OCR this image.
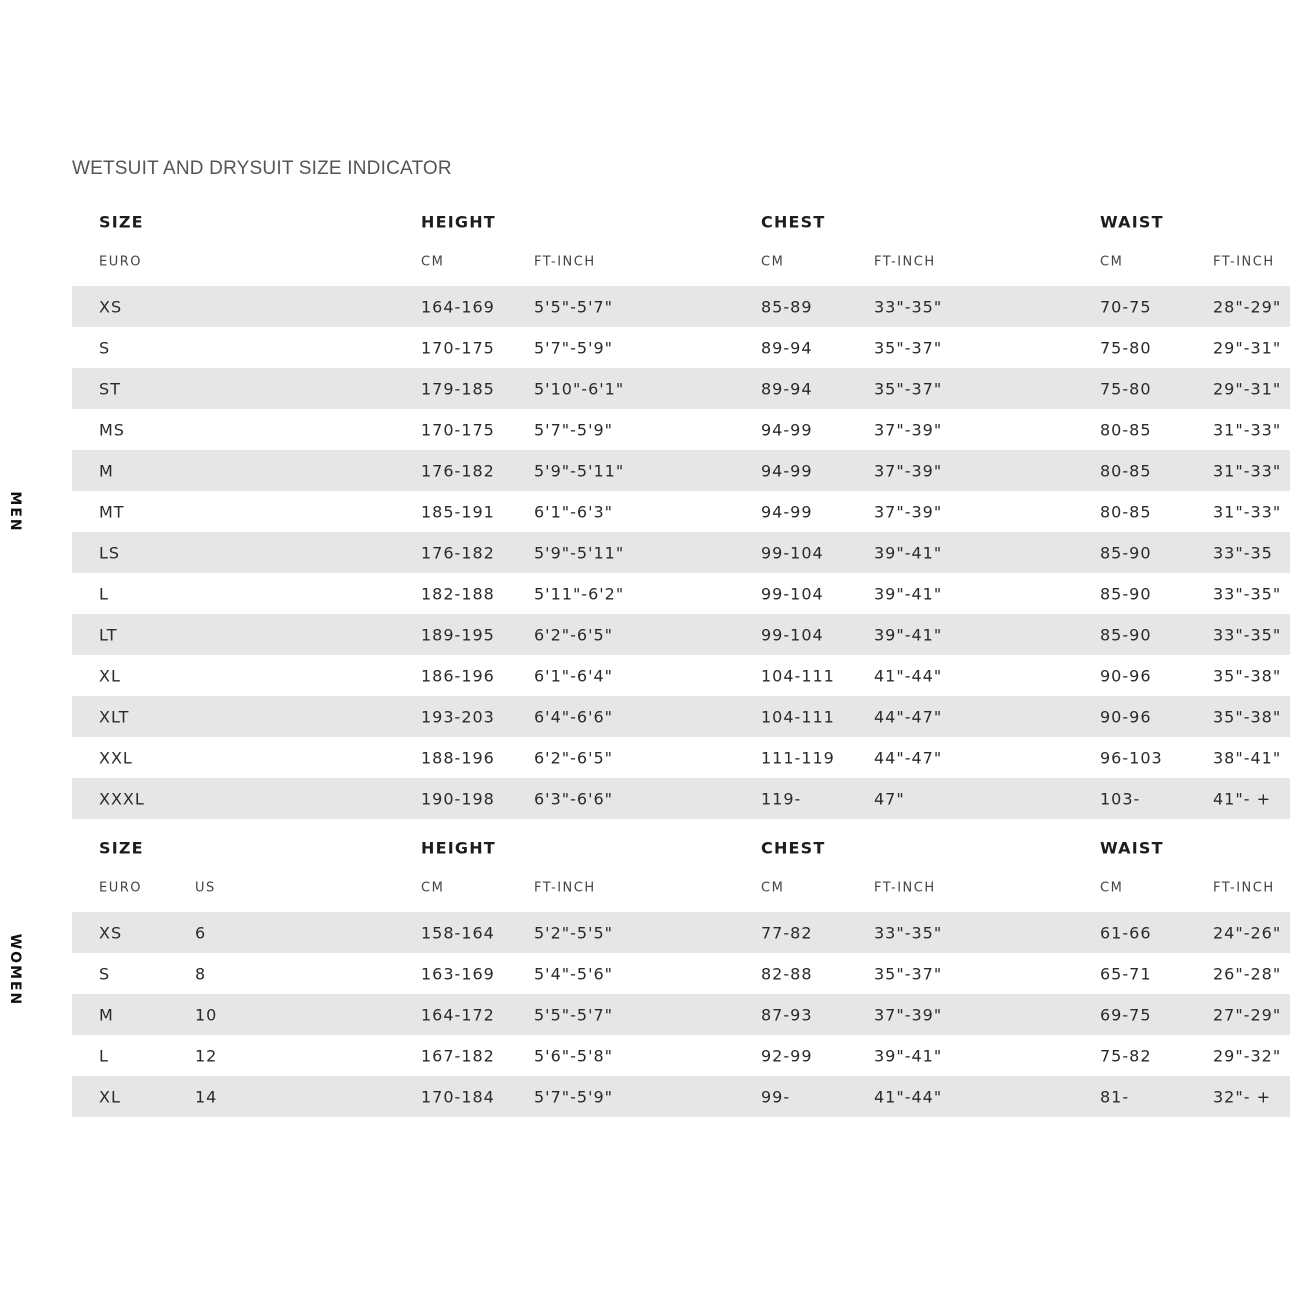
WETSUIT AND DRYSUIT SIZE INDICATOR
MEN
WOMEN
SIZE	HEIGHT	CHEST	WAIST
EURO	CM	FT-INCH	CM	FT-INCH	CM	FT-INCH
XS	164-169 5'5"-5'7"	85-89	33"-35"	70-75	28"-29"
S	170-175 5'7"-5'9"	89-94	35"-37"	75-80	29"-31"
ST	179-185 5'10"-6'1"	89-94	35"-37"	75-80	29"-31"
MS	170-175 5'7"-5'9"	94-99	37"-39"	80-85	31"-33"
M	176-182 5'9"-5'11"	94-99	37"-39"	80-85	31"-33"
MT	185-191 6'1"-6'3"	94-99	37"-39"	80-85	31"-33"
LS	176-182 5'9"-5'11"	99-104	39"-41"	85-90	33"-35
L	182-188 5'11"-6'2"	99-104	39"-41"	85-90	33"-35"
LT	189-195 6'2"-6'5"	99-104	39"-41"	85-90	33"-35"
XL	186-196 6'1"-6'4"	104-111 41"-44"	90-96	35"-38"
XLT	193-203 6'4"-6'6"	104-111 44"-47"	90-96	35"-38"
XXL	188-196 6'2"-6'5"	111-119 44"-47"	96-103	38"-41"
XXXL	190-198 6'3"-6'6"	119-	47"	103-	41"- +
SIZE	HEIGHT	CHEST	WAIST
EURO	US	CM	FT-INCH	CM	FT-INCH	CM	FT-INCH
XS	6	158-164 5'2"-5'5"	77-82	33"-35"	61-66	24"-26"
S	8	163-169 5'4"-5'6"	82-88	35"-37"	65-71	26"-28"
M	10	164-172 5'5"-5'7"	87-93	37"-39"	69-75	27"-29"
L	12	167-182 5'6"-5'8"	92-99	39"-41"	75-82	29"-32"
XL	14	170-184 5'7"-5'9"	99-	41"-44"	81-	32"- +
